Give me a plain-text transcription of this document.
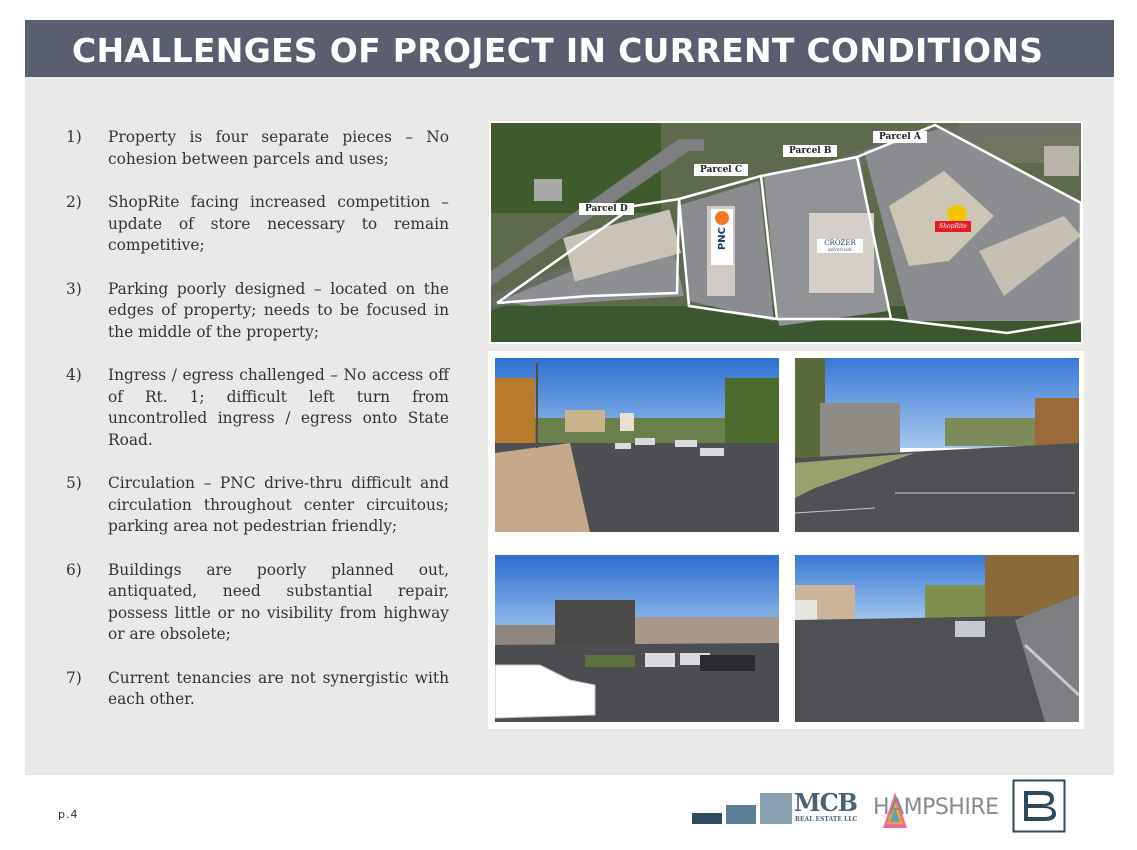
CHALLENGES OF PROJECT IN CURRENT CONDITIONS
1) Property is four separate pieces – No cohesion between parcels and uses;
2) ShopRite facing increased competition – update of store necessary to remain competitive;
3) Parking poorly designed – located on the edges of property; needs to be focused in the middle of the property;
4) Ingress / egress challenged – No access off of Rt. 1; difficult left turn from uncontrolled ingress / egress onto State Road.
5) Circulation – PNC drive-thru difficult and circulation throughout center circuitous; parking area not pedestrian friendly;
6) Buildings are poorly planned out, antiquated, need substantial repair, possess little or no visibility from highway or are obsolete;
7) Current tenancies are not synergistic with each other.
Parcel D
Parcel C
Parcel B
Parcel A
PNC	CROZER
KEYSTONE
ShopRite
p.4	MCB
REAL ESTATE LLC HAMPSHIRE
